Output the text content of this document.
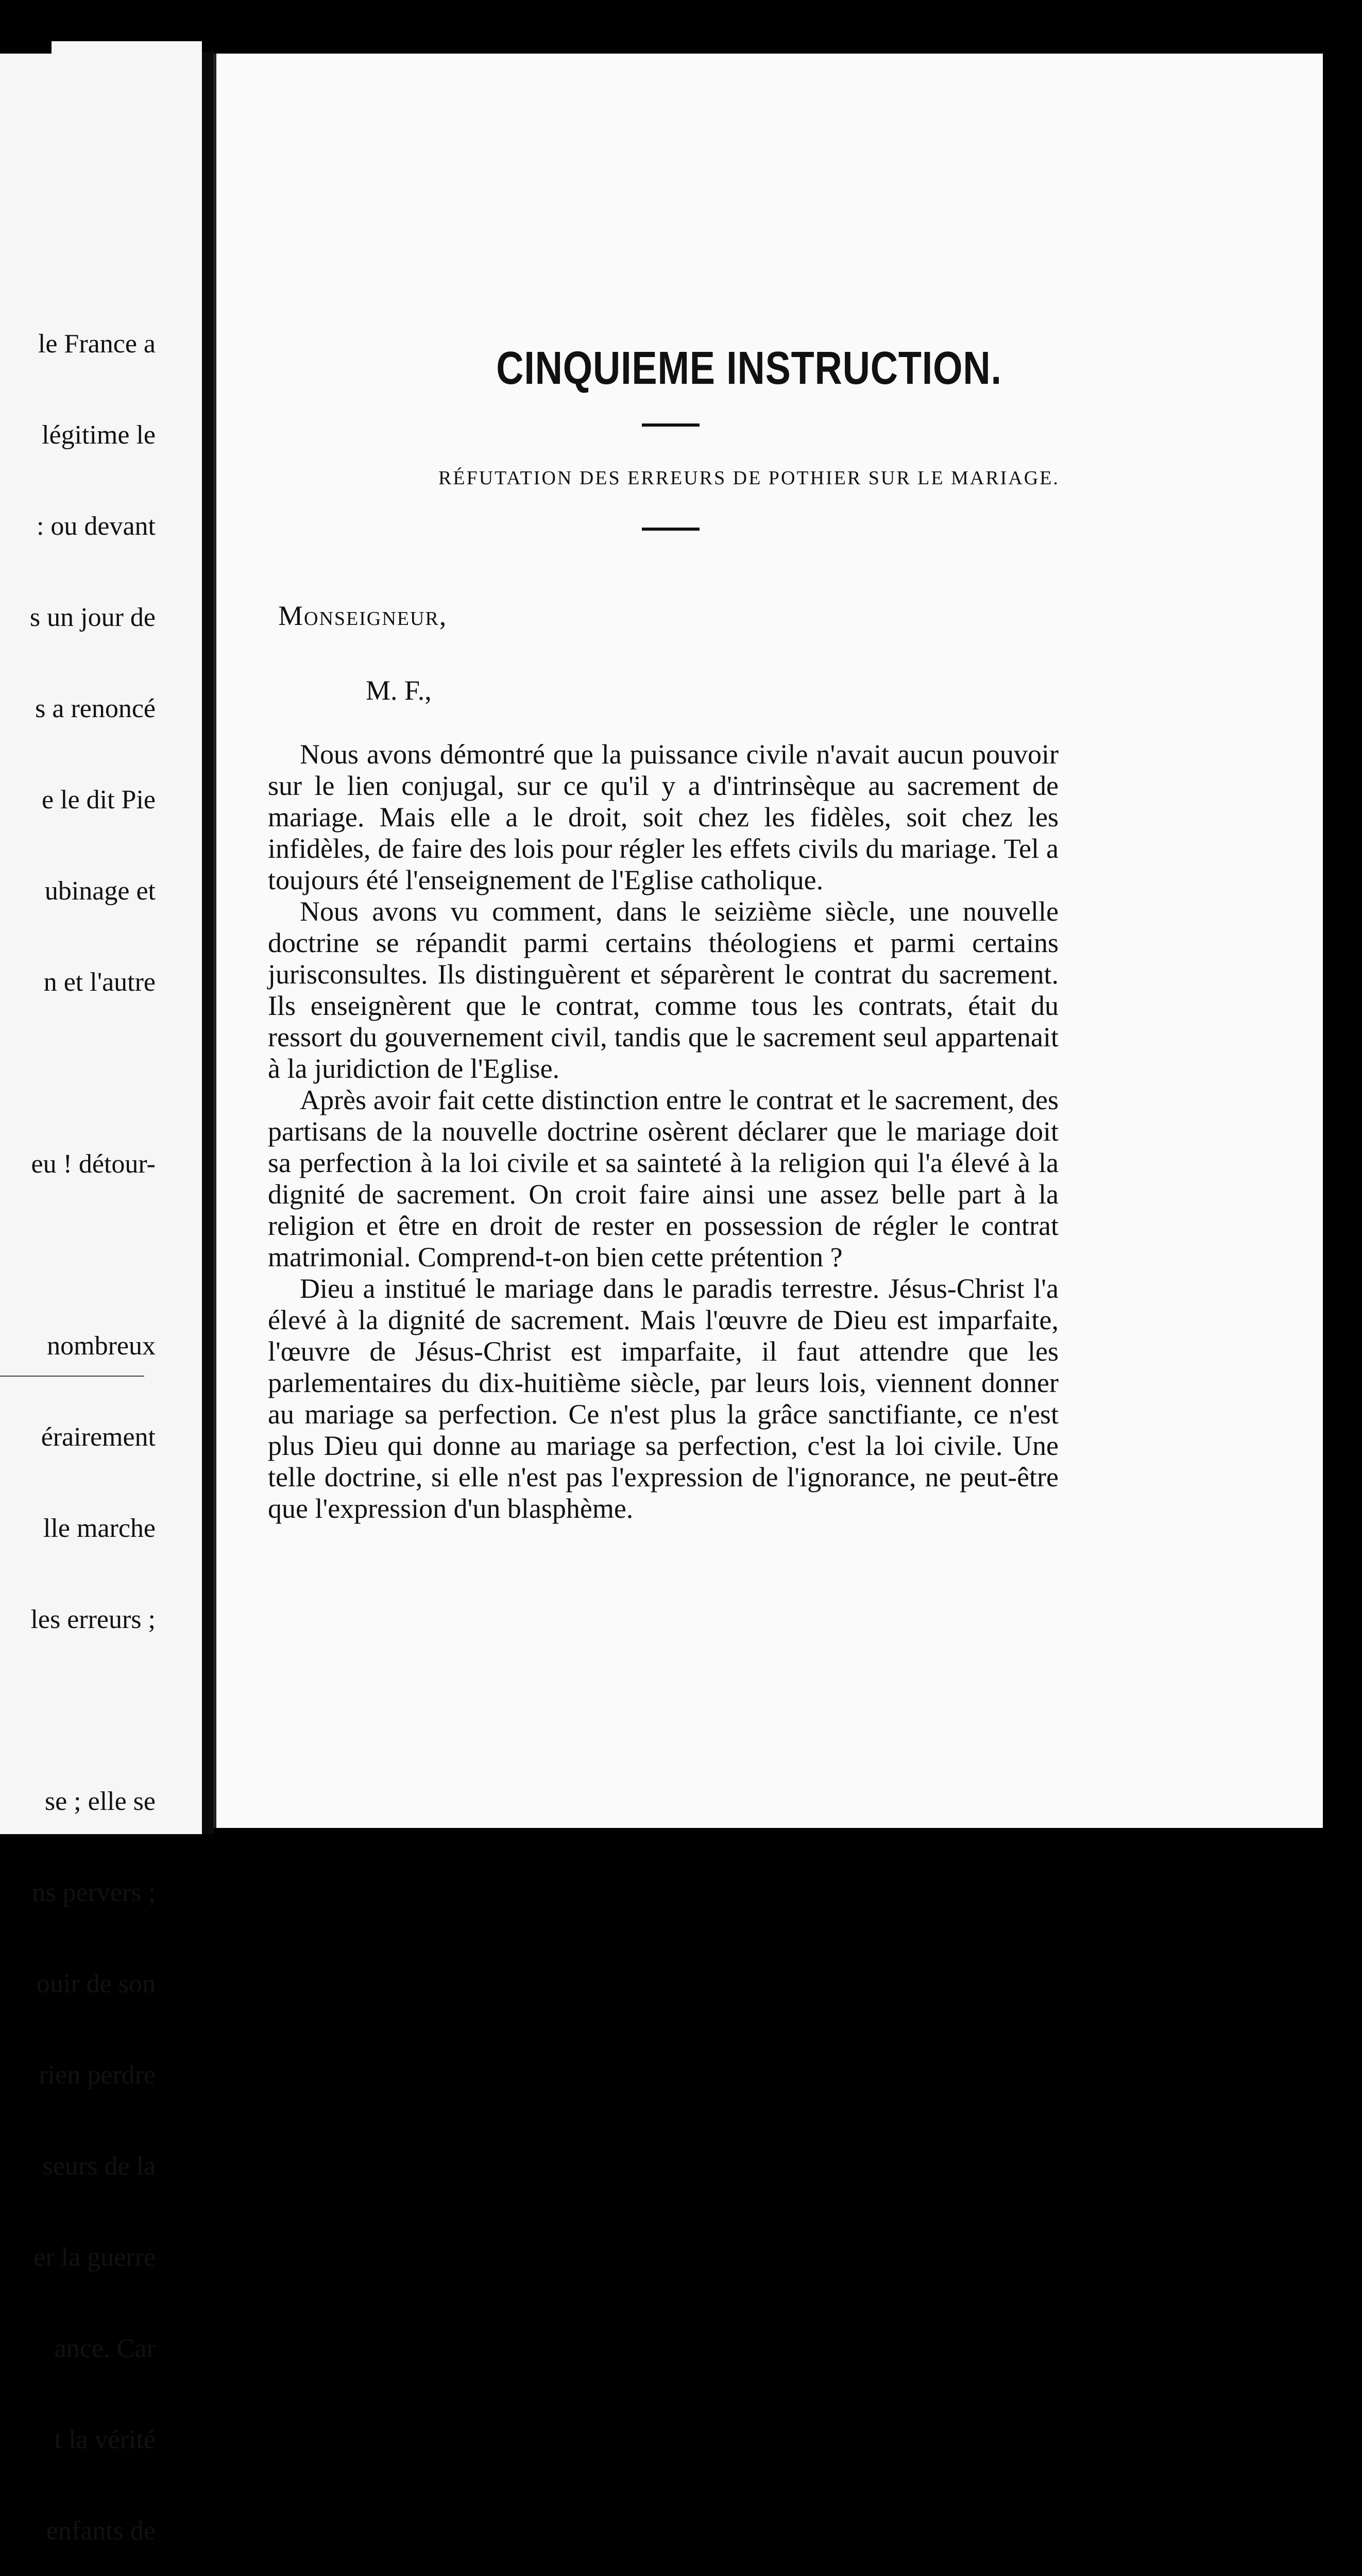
le France a

légitime le

: ou devant

s un jour de

s a renoncé

e le dit Pie

ubinage et

n et l'autre

eu ! détour-

nombreux

érairement

lle marche

les erreurs ;

se ; elle se

ns pervers ;

ouir de son

rien perdre

seurs de la

er la guerre

ance. Car

t la vérité

enfants de

CINQUIEME INSTRUCTION.
RÉFUTATION DES ERREURS DE POTHIER SUR LE MARIAGE.
Monseigneur,
M. F.,

Nous avons démontré que la puissance civile n'avait aucun pouvoir sur le lien conjugal, sur ce qu'il y a d'intrinsèque au sacrement de mariage. Mais elle a le droit, soit chez les fidèles, soit chez les infidèles, de faire des lois pour régler les effets civils du mariage. Tel a toujours été l'enseignement de l'Eglise catholique.

Nous avons vu comment, dans le seizième siècle, une nouvelle doctrine se répandit parmi certains théologiens et parmi certains jurisconsultes. Ils distinguèrent et séparèrent le contrat du sacrement. Ils enseignèrent que le contrat, comme tous les contrats, était du ressort du gouvernement civil, tandis que le sacrement seul appartenait à la juridiction de l'Eglise.

Après avoir fait cette distinction entre le contrat et le sacrement, des partisans de la nouvelle doctrine osèrent déclarer que le mariage doit sa perfection à la loi civile et sa sainteté à la religion qui l'a élevé à la dignité de sacrement. On croit faire ainsi une assez belle part à la religion et être en droit de rester en possession de régler le contrat matrimonial. Comprend-t-on bien cette prétention ?

Dieu a institué le mariage dans le paradis terrestre. Jésus-Christ l'a élevé à la dignité de sacrement. Mais l'œuvre de Dieu est imparfaite, l'œuvre de Jésus-Christ est imparfaite, il faut attendre que les parlementaires du dix-huitième siècle, par leurs lois, viennent donner au mariage sa perfection. Ce n'est plus la grâce sanctifiante, ce n'est plus Dieu qui donne au mariage sa perfection, c'est la loi civile. Une telle doctrine, si elle n'est pas l'expression de l'ignorance, ne peut-être que l'expression d'un blasphème.
